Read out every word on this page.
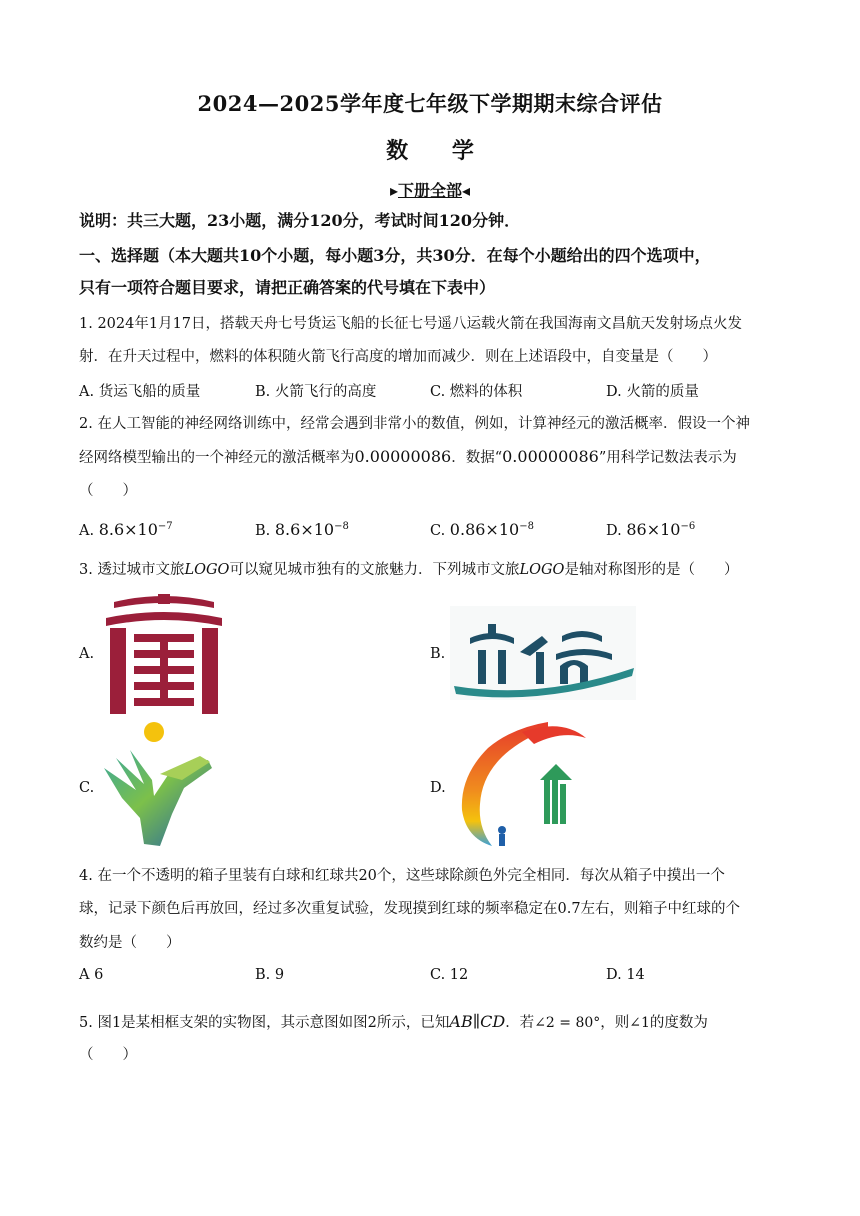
2024—2025学年度七年级下学期期末综合评估
数 学
▸下册全部◂
说明：共三大题，23小题，满分120分，考试时间120分钟．
一、选择题（本大题共10个小题，每小题3分，共30分．在每个小题给出的四个选项中，
只有一项符合题目要求，请把正确答案的代号填在下表中）
1. 2024年1月17日，搭载天舟七号货运飞船的长征七号遥八运载火箭在我国海南文昌航天发射场点火发
射．在升天过程中，燃料的体积随火箭飞行高度的增加而减少．则在上述语段中，自变量是（　　）
A. 货运飞船的质量	B. 火箭飞行的高度	C. 燃料的体积	D. 火箭的质量
2. 在人工智能的神经网络训练中，经常会遇到非常小的数值，例如，计算神经元的激活概率．假设一个神
经网络模型输出的一个神经元的激活概率为0.00000086．数据“0.00000086”用科学记数法表示为
（　　）
A. $8.6\times 10^{-7}$	B. $8.6\times 10^{-8}$	C. $0.86\times 10^{-8}$	D. $86\times 10^{-6}$
3. 透过城市文旅LOGO可以窥见城市独有的文旅魅力．下列城市文旅LOGO是轴对称图形的是（　　）
A.	B.
C.	D.
4. 在一个不透明的箱子里装有白球和红球共20个，这些球除颜色外完全相同．每次从箱子中摸出一个
球，记录下颜色后再放回，经过多次重复试验，发现摸到红球的频率稳定在0.7左右，则箱子中红球的个
数约是（　　）
A 6	B. 9	C. 12	D. 14
5. 图1是某相框支架的实物图，其示意图如图2所示，已知AB∥CD．若∠2 = 80°，则∠1的度数为
（　　）
